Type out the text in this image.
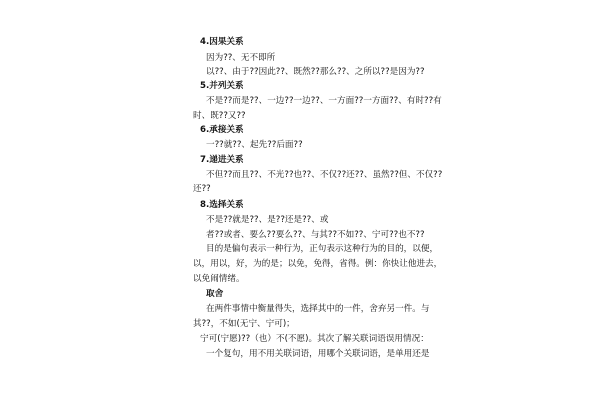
4.因果关系
因为??、无不即所
以??、由于??因此??、既然??那么??、之所以??是因为??
5.并列关系
不是??而是??、一边??一边??、一方面??一方面??、有时??有
时、既??又??
6.承接关系
一??就??、起先??后面??
7.递进关系
不但??而且??、不光??也??、不仅??还??、虽然??但、不仅??
还??
8.选择关系
不是??就是??、是??还是??、或
者??或者、要么??要么??、与其??不如??、宁可??也不??
目的是偏句表示一种行为，正句表示这种行为的目的，以便，
以，用以，好，为的是；以免，免得，省得。例：你快让他进去，
以免闹情绪。
取舍
在两件事情中衡量得失，选择其中的一件，舍弃另一件。与
其??，不如(无宁、宁可)；
宁可(宁愿)??（也）不(不愿)。其次了解关联词语误用情况：
一个复句，用不用关联词语，用哪个关联词语，是单用还是
